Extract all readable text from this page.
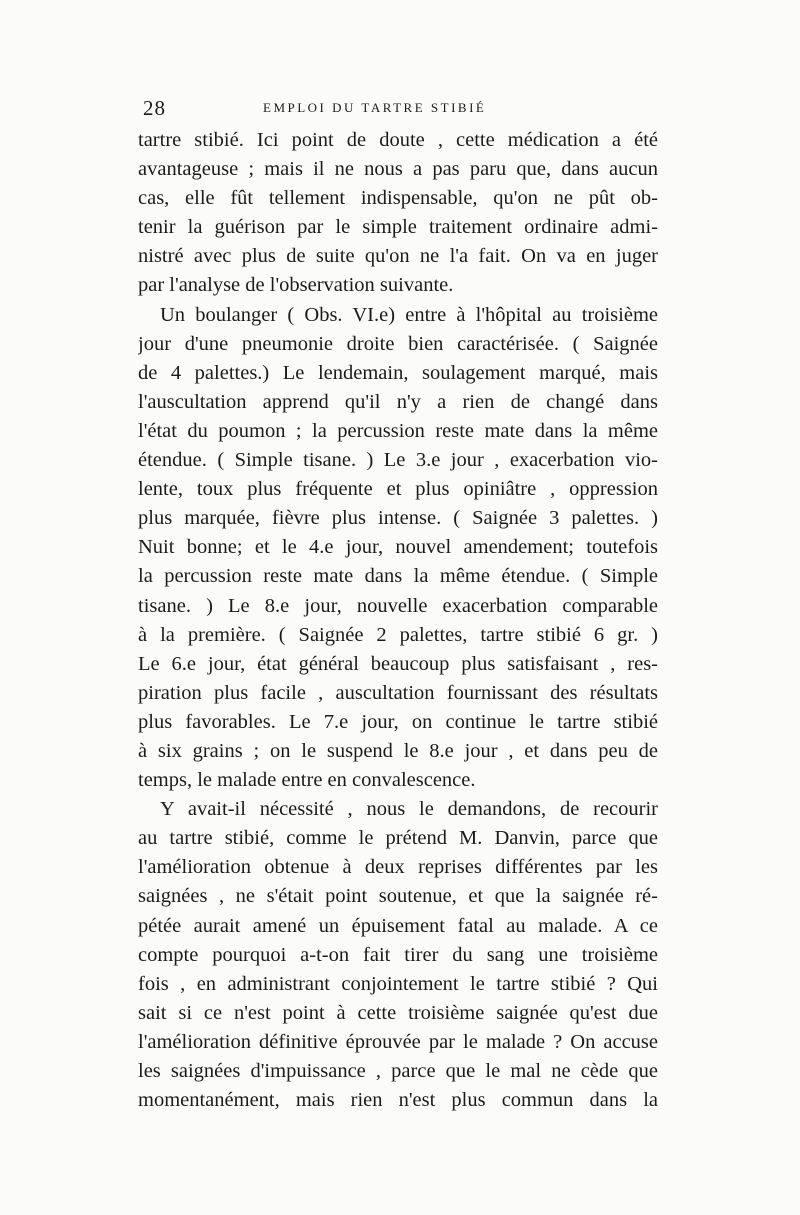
28	EMPLOI DU TARTRE STIBIÉ
tartre stibié. Ici point de doute , cette médication a été
avantageuse ; mais il ne nous a pas paru que, dans aucun
cas, elle fût tellement indispensable, qu'on ne pût ob-
tenir la guérison par le simple traitement ordinaire admi-
nistré avec plus de suite qu'on ne l'a fait. On va en juger
par l'analyse de l'observation suivante.
Un boulanger ( Obs. VI.e) entre à l'hôpital au troisième
jour d'une pneumonie droite bien caractérisée. ( Saignée
de 4 palettes.) Le lendemain, soulagement marqué, mais
l'auscultation apprend qu'il n'y a rien de changé dans
l'état du poumon ; la percussion reste mate dans la même
étendue. ( Simple tisane. ) Le 3.e jour , exacerbation vio-
lente, toux plus fréquente et plus opiniâtre , oppression
plus marquée, fièvre plus intense. ( Saignée 3 palettes. )
Nuit bonne; et le 4.e jour, nouvel amendement; toutefois
la percussion reste mate dans la même étendue. ( Simple
tisane. ) Le 8.e jour, nouvelle exacerbation comparable
à la première. ( Saignée 2 palettes, tartre stibié 6 gr. )
Le 6.e jour, état général beaucoup plus satisfaisant , res-
piration plus facile , auscultation fournissant des résultats
plus favorables. Le 7.e jour, on continue le tartre stibié
à six grains ; on le suspend le 8.e jour , et dans peu de
temps, le malade entre en convalescence.
Y avait-il nécessité , nous le demandons, de recourir
au tartre stibié, comme le prétend M. Danvin, parce que
l'amélioration obtenue à deux reprises différentes par les
saignées , ne s'était point soutenue, et que la saignée ré-
pétée aurait amené un épuisement fatal au malade. A ce
compte pourquoi a-t-on fait tirer du sang une troisième
fois , en administrant conjointement le tartre stibié ? Qui
sait si ce n'est point à cette troisième saignée qu'est due
l'amélioration définitive éprouvée par le malade ? On accuse
les saignées d'impuissance , parce que le mal ne cède que
momentanément, mais rien n'est plus commun dans la
